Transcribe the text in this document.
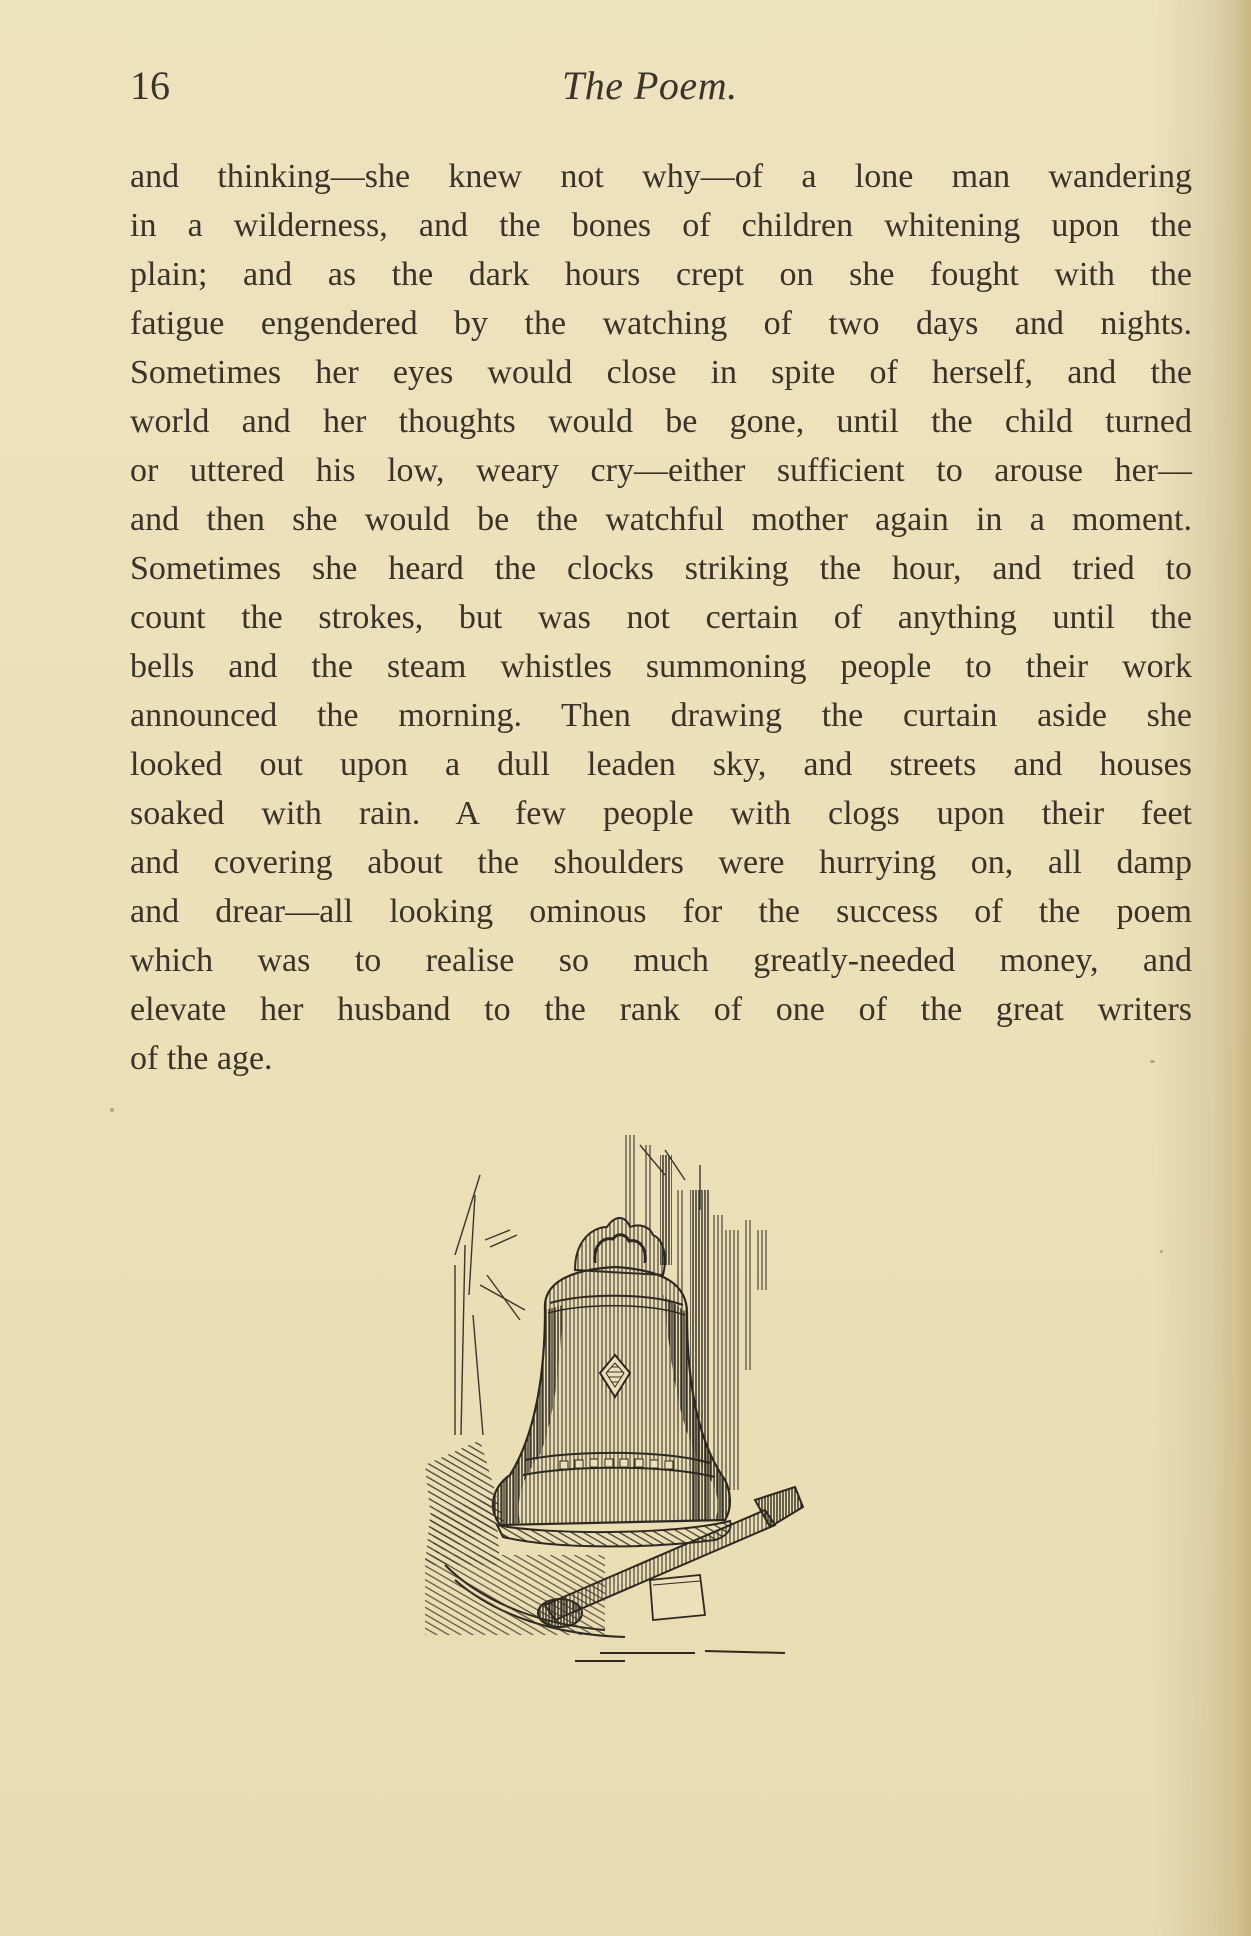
16	The Poem.
and thinking—she knew not why—of a lone man wandering
in a wilderness, and the bones of children whitening upon the
plain; and as the dark hours crept on she fought with the
fatigue engendered by the watching of two days and nights.
Sometimes her eyes would close in spite of herself, and the
world and her thoughts would be gone, until the child turned
or uttered his low, weary cry—either sufficient to arouse her—
and then she would be the watchful mother again in a moment.
Sometimes she heard the clocks striking the hour, and tried to
count the strokes, but was not certain of anything until the
bells and the steam whistles summoning people to their work
announced the morning. Then drawing the curtain aside she
looked out upon a dull leaden sky, and streets and houses
soaked with rain. A few people with clogs upon their feet
and covering about the shoulders were hurrying on, all damp
and drear—all looking ominous for the success of the poem
which was to realise so much greatly-needed money, and
elevate her husband to the rank of one of the great writers
of the age.
